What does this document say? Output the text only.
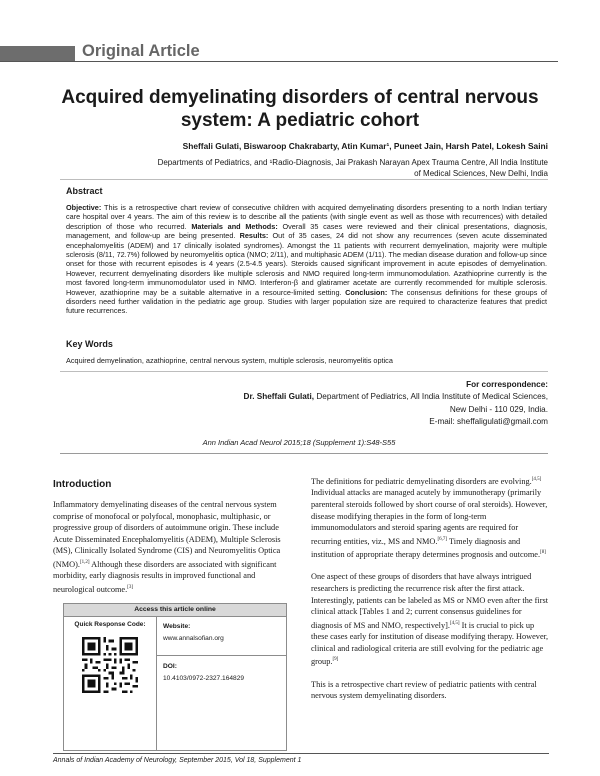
Original Article
Acquired demyelinating disorders of central nervous
system: A pediatric cohort
Sheffali Gulati, Biswaroop Chakrabarty, Atin Kumar¹, Puneet Jain, Harsh Patel, Lokesh Saini
Departments of Pediatrics, and ¹Radio-Diagnosis, Jai Prakash Narayan Apex Trauma Centre, All India Institute
of Medical Sciences, New Delhi, India
Abstract
Objective: This is a retrospective chart review of consecutive children with acquired demyelinating disorders presenting to a north Indian tertiary care hospital over 4 years. The aim of this review is to describe all the patients (with single event as well as those with recurrences) with detailed description of those who recurred. Materials and Methods: Overall 35 cases were reviewed and their clinical presentations, diagnosis, management, and follow-up are being presented. Results: Out of 35 cases, 24 did not show any recurrences (seven acute disseminated encephalomyelitis (ADEM) and 17 clinically isolated syndromes). Amongst the 11 patients with recurrent demyelination, majority were multiple sclerosis (8/11, 72.7%) followed by neuromyelitis optica (NMO; 2/11), and multiphasic ADEM (1/11). The median disease duration and follow-up since onset for those with recurrent episodes is 4 years (2.5-4.5 years). Steroids caused significant improvement in acute episodes of demyelination. However, recurrent demyelinating disorders like multiple sclerosis and NMO required long-term immunomodulation. Azathioprine currently is the most favored long-term immunomodulator used in NMO. Interferon-β and glatiramer acetate are currently recommended for multiple sclerosis. However, azathioprine may be a suitable alternative in a resource-limited setting. Conclusion: The consensus definitions for these groups of disorders need further validation in the pediatric age group. Studies with larger population size are required to characterize features that predict future recurrences.
Key Words
Acquired demyelination, azathioprine, central nervous system, multiple sclerosis, neuromyelitis optica
For correspondence:
Dr. Sheffali Gulati, Department of Pediatrics, All India Institute of Medical Sciences,
New Delhi - 110 029, India.
E-mail: sheffaligulati@gmail.com
Ann Indian Acad Neurol 2015;18 (Supplement 1):S48-S55
Introduction

Inflammatory demyelinating diseases of the central nervous system comprise of monofocal or polyfocal, monophasic, multiphasic, or progressive group of disorders of autoimmune origin. These include Acute Disseminated Encephalomyelitis (ADEM), Multiple Sclerosis (MS), Clinically Isolated Syndrome (CIS) and Neuromyelitis Optica (NMO).[1,2] Although these disorders are associated with significant morbidity, early diagnosis results in improved functional and neurological outcome.[3]

The definitions for pediatric demyelinating disorders are evolving.[4,5] Individual attacks are managed acutely by immunotherapy (primarily parenteral steroids followed by short course of oral steroids). However, disease modifying therapies in the form of long-term immunomodulators and steroid sparing agents are required for recurring entities, viz., MS and NMO.[6,7] Timely diagnosis and institution of appropriate therapy determines prognosis and outcome.[8]

One aspect of these groups of disorders that have always intrigued researchers is predicting the recurrence risk after the first attack. Interestingly, patients can be labeled as MS or NMO even after the first clinical attack [Tables 1 and 2; current consensus guidelines for diagnosis of MS and NMO, respectively].[4,5] It is crucial to pick up these cases early for institution of disease modifying therapy. However, clinical and radiological criteria are still evolving for the pediatric age group.[9]

This is a retrospective chart review of pediatric patients with central nervous system demyelinating disorders.

Access this article online
Quick Response Code:	Website:
www.annalsofian.org
DOI:
10.4103/0972-2327.164829
Annals of Indian Academy of Neurology, September 2015, Vol 18, Supplement 1
